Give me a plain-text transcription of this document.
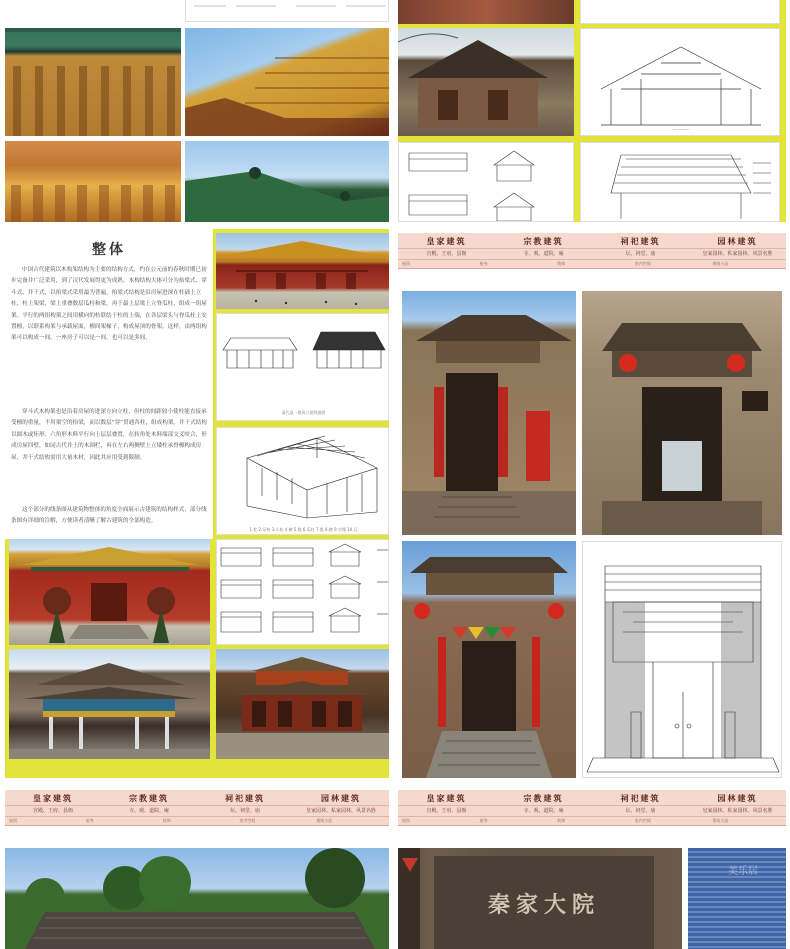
————
整体
中国古代建筑以木构架结构为主要的结构方式，约在公元前的春秋时期已初步完备并广泛采用，到了汉代发展得更为成熟。木构结构大体可分为抬梁式、穿斗式、井干式，以抬梁式采用最为普遍，抬梁式结构是沿房屋进深在柱础上立柱，柱上架梁，梁上重叠数层瓜柱和梁，再于最上层梁上立脊瓜柱，组成一组屋架。平行的两组构架之间用横向的枋联结于柱的上端，在各层梁头与脊瓜柱上安置檩，以联系构架与承载屋面，檩间架椽子，构成屋顶的骨架。这样，由两组构架可以构成一间，一座房子可以是一间，也可以是多间。
穿斗式木构架也是沿着房屋的进深方向立柱，但柱的间距较小使柱能直接承受檩的重量，不用架空的抬梁，而以数层“穿”贯通各柱，组成构架。井干式结构以圆木或矩形、六角形木料平行向上层层叠置，在转角处木料端部交叉咬合，形成房屋四壁，如同古代井上的木围栏，再在左右两侧壁上立矮柱承脊檩构成房屋，井干式结构需用大量木材，因此其应用受到限制。
这个部分的线条图从建筑物整体的角度全面展示古建筑的结构样式，部分线条图有详细的注解，方便读者清晰了解古建筑的全部构造。
清代某一建筑立面线描图
1.柱 2.穿枋 3.斗枋 4.檩 5.椽 6.瓜柱 7.挑 8.檩 9.竹篾 10.瓦
皇家建筑	宗教建筑	祠祀建筑	园林建筑
宫殿、王府、县衙	寺、观、道院、庵	坛、祠堂、庙	皇家园林、私家园林、风景名胜
屋顶	屋身	装饰	室内空间	建筑小品
皇家建筑	宗教建筑	祠祀建筑	园林建筑
宫殿、王府、县衙	寺、观、道院、庵	坛、祠堂、庙	皇家园林、私家园林、风景名胜
屋顶	屋身	装饰	室内空间	建筑小品
皇家建筑	宗教建筑	祠祀建筑	园林建筑
宫殿、王府、县衙	寺、观、道院、庵	坛、祠堂、庙	皇家园林、私家园林、风景名胜
屋顶	屋身	装饰	室内空间	建筑小品
秦家大院
美乐居
